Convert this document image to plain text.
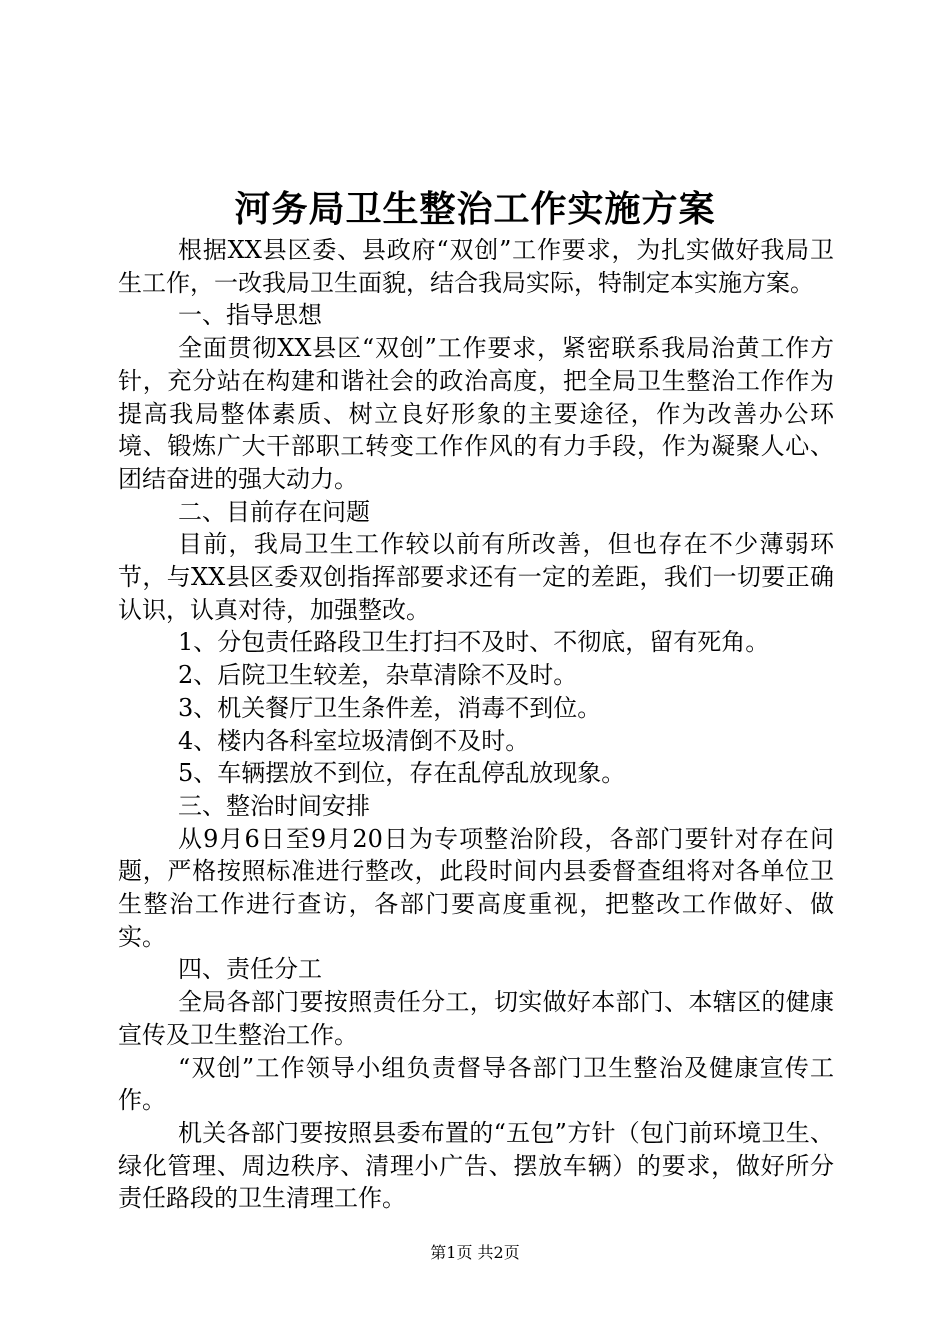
河务局卫生整治工作实施方案

根据XX县区委、县政府“双创”工作要求，为扎实做好我局卫生工作，一改我局卫生面貌，结合我局实际，特制定本实施方案。

一、指导思想

全面贯彻XX县区“双创”工作要求，紧密联系我局治黄工作方针，充分站在构建和谐社会的政治高度，把全局卫生整治工作作为提高我局整体素质、树立良好形象的主要途径，作为改善办公环境、锻炼广大干部职工转变工作作风的有力手段，作为凝聚人心、团结奋进的强大动力。

二、目前存在问题

目前，我局卫生工作较以前有所改善，但也存在不少薄弱环节，与XX县区委双创指挥部要求还有一定的差距，我们一切要正确认识，认真对待，加强整改。

1、分包责任路段卫生打扫不及时、不彻底，留有死角。

2、后院卫生较差，杂草清除不及时。

3、机关餐厅卫生条件差，消毒不到位。

4、楼内各科室垃圾清倒不及时。

5、车辆摆放不到位，存在乱停乱放现象。

三、整治时间安排

从9月6日至9月20日为专项整治阶段，各部门要针对存在问题，严格按照标准进行整改，此段时间内县委督查组将对各单位卫生整治工作进行查访，各部门要高度重视，把整改工作做好、做实。

四、责任分工

全局各部门要按照责任分工，切实做好本部门、本辖区的健康宣传及卫生整治工作。

“双创”工作领导小组负责督导各部门卫生整治及健康宣传工作。

机关各部门要按照县委布置的“五包”方针（包门前环境卫生、绿化管理、周边秩序、清理小广告、摆放车辆）的要求，做好所分责任路段的卫生清理工作。

第1页 共2页
